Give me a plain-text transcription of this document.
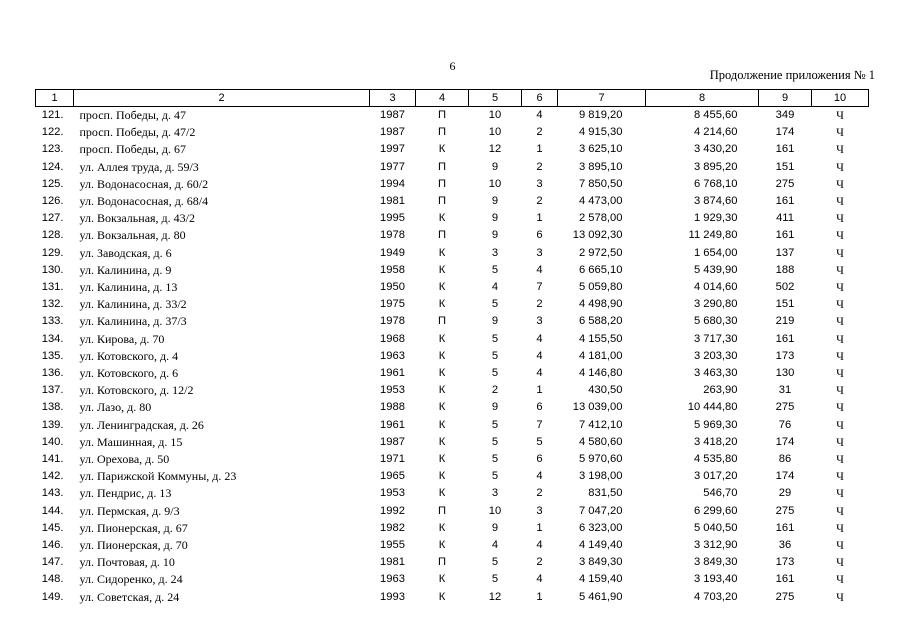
6
Продолжение приложения № 1
1	2	3	4	5	6	7	8	9	10
121.	просп. Победы, д. 47	1987	П	10	4	9 819,20	8 455,60	349	Ч
122.	просп. Победы, д. 47/2	1987	П	10	2	4 915,30	4 214,60	174	Ч
123.	просп. Победы, д. 67	1997	К	12	1	3 625,10	3 430,20	161	Ч
124.	ул. Аллея труда, д. 59/3	1977	П	9	2	3 895,10	3 895,20	151	Ч
125.	ул. Водонасосная, д. 60/2	1994	П	10	3	7 850,50	6 768,10	275	Ч
126.	ул. Водонасосная, д. 68/4	1981	П	9	2	4 473,00	3 874,60	161	Ч
127.	ул. Вокзальная, д. 43/2	1995	К	9	1	2 578,00	1 929,30	411	Ч
128.	ул. Вокзальная, д. 80	1978	П	9	6	13 092,30	11 249,80	161	Ч
129.	ул. Заводская, д. 6	1949	К	3	3	2 972,50	1 654,00	137	Ч
130.	ул. Калинина, д. 9	1958	К	5	4	6 665,10	5 439,90	188	Ч
131.	ул. Калинина, д. 13	1950	К	4	7	5 059,80	4 014,60	502	Ч
132.	ул. Калинина, д. 33/2	1975	К	5	2	4 498,90	3 290,80	151	Ч
133.	ул. Калинина, д. 37/3	1978	П	9	3	6 588,20	5 680,30	219	Ч
134.	ул. Кирова, д. 70	1968	К	5	4	4 155,50	3 717,30	161	Ч
135.	ул. Котовского, д. 4	1963	К	5	4	4 181,00	3 203,30	173	Ч
136.	ул. Котовского, д. 6	1961	К	5	4	4 146,80	3 463,30	130	Ч
137.	ул. Котовского, д. 12/2	1953	К	2	1	430,50	263,90	31	Ч
138.	ул. Лазо, д. 80	1988	К	9	6	13 039,00	10 444,80	275	Ч
139.	ул. Ленинградская, д. 26	1961	К	5	7	7 412,10	5 969,30	76	Ч
140.	ул. Машинная, д. 15	1987	К	5	5	4 580,60	3 418,20	174	Ч
141.	ул. Орехова, д. 50	1971	К	5	6	5 970,60	4 535,80	86	Ч
142.	ул. Парижской Коммуны, д. 23	1965	К	5	4	3 198,00	3 017,20	174	Ч
143.	ул. Пендрис, д. 13	1953	К	3	2	831,50	546,70	29	Ч
144.	ул. Пермская, д. 9/3	1992	П	10	3	7 047,20	6 299,60	275	Ч
145.	ул. Пионерская, д. 67	1982	К	9	1	6 323,00	5 040,50	161	Ч
146.	ул. Пионерская, д. 70	1955	К	4	4	4 149,40	3 312,90	36	Ч
147.	ул. Почтовая, д. 10	1981	П	5	2	3 849,30	3 849,30	173	Ч
148.	ул. Сидоренко, д. 24	1963	К	5	4	4 159,40	3 193,40	161	Ч
149.	ул. Советская, д. 24	1993	К	12	1	5 461,90	4 703,20	275	Ч
